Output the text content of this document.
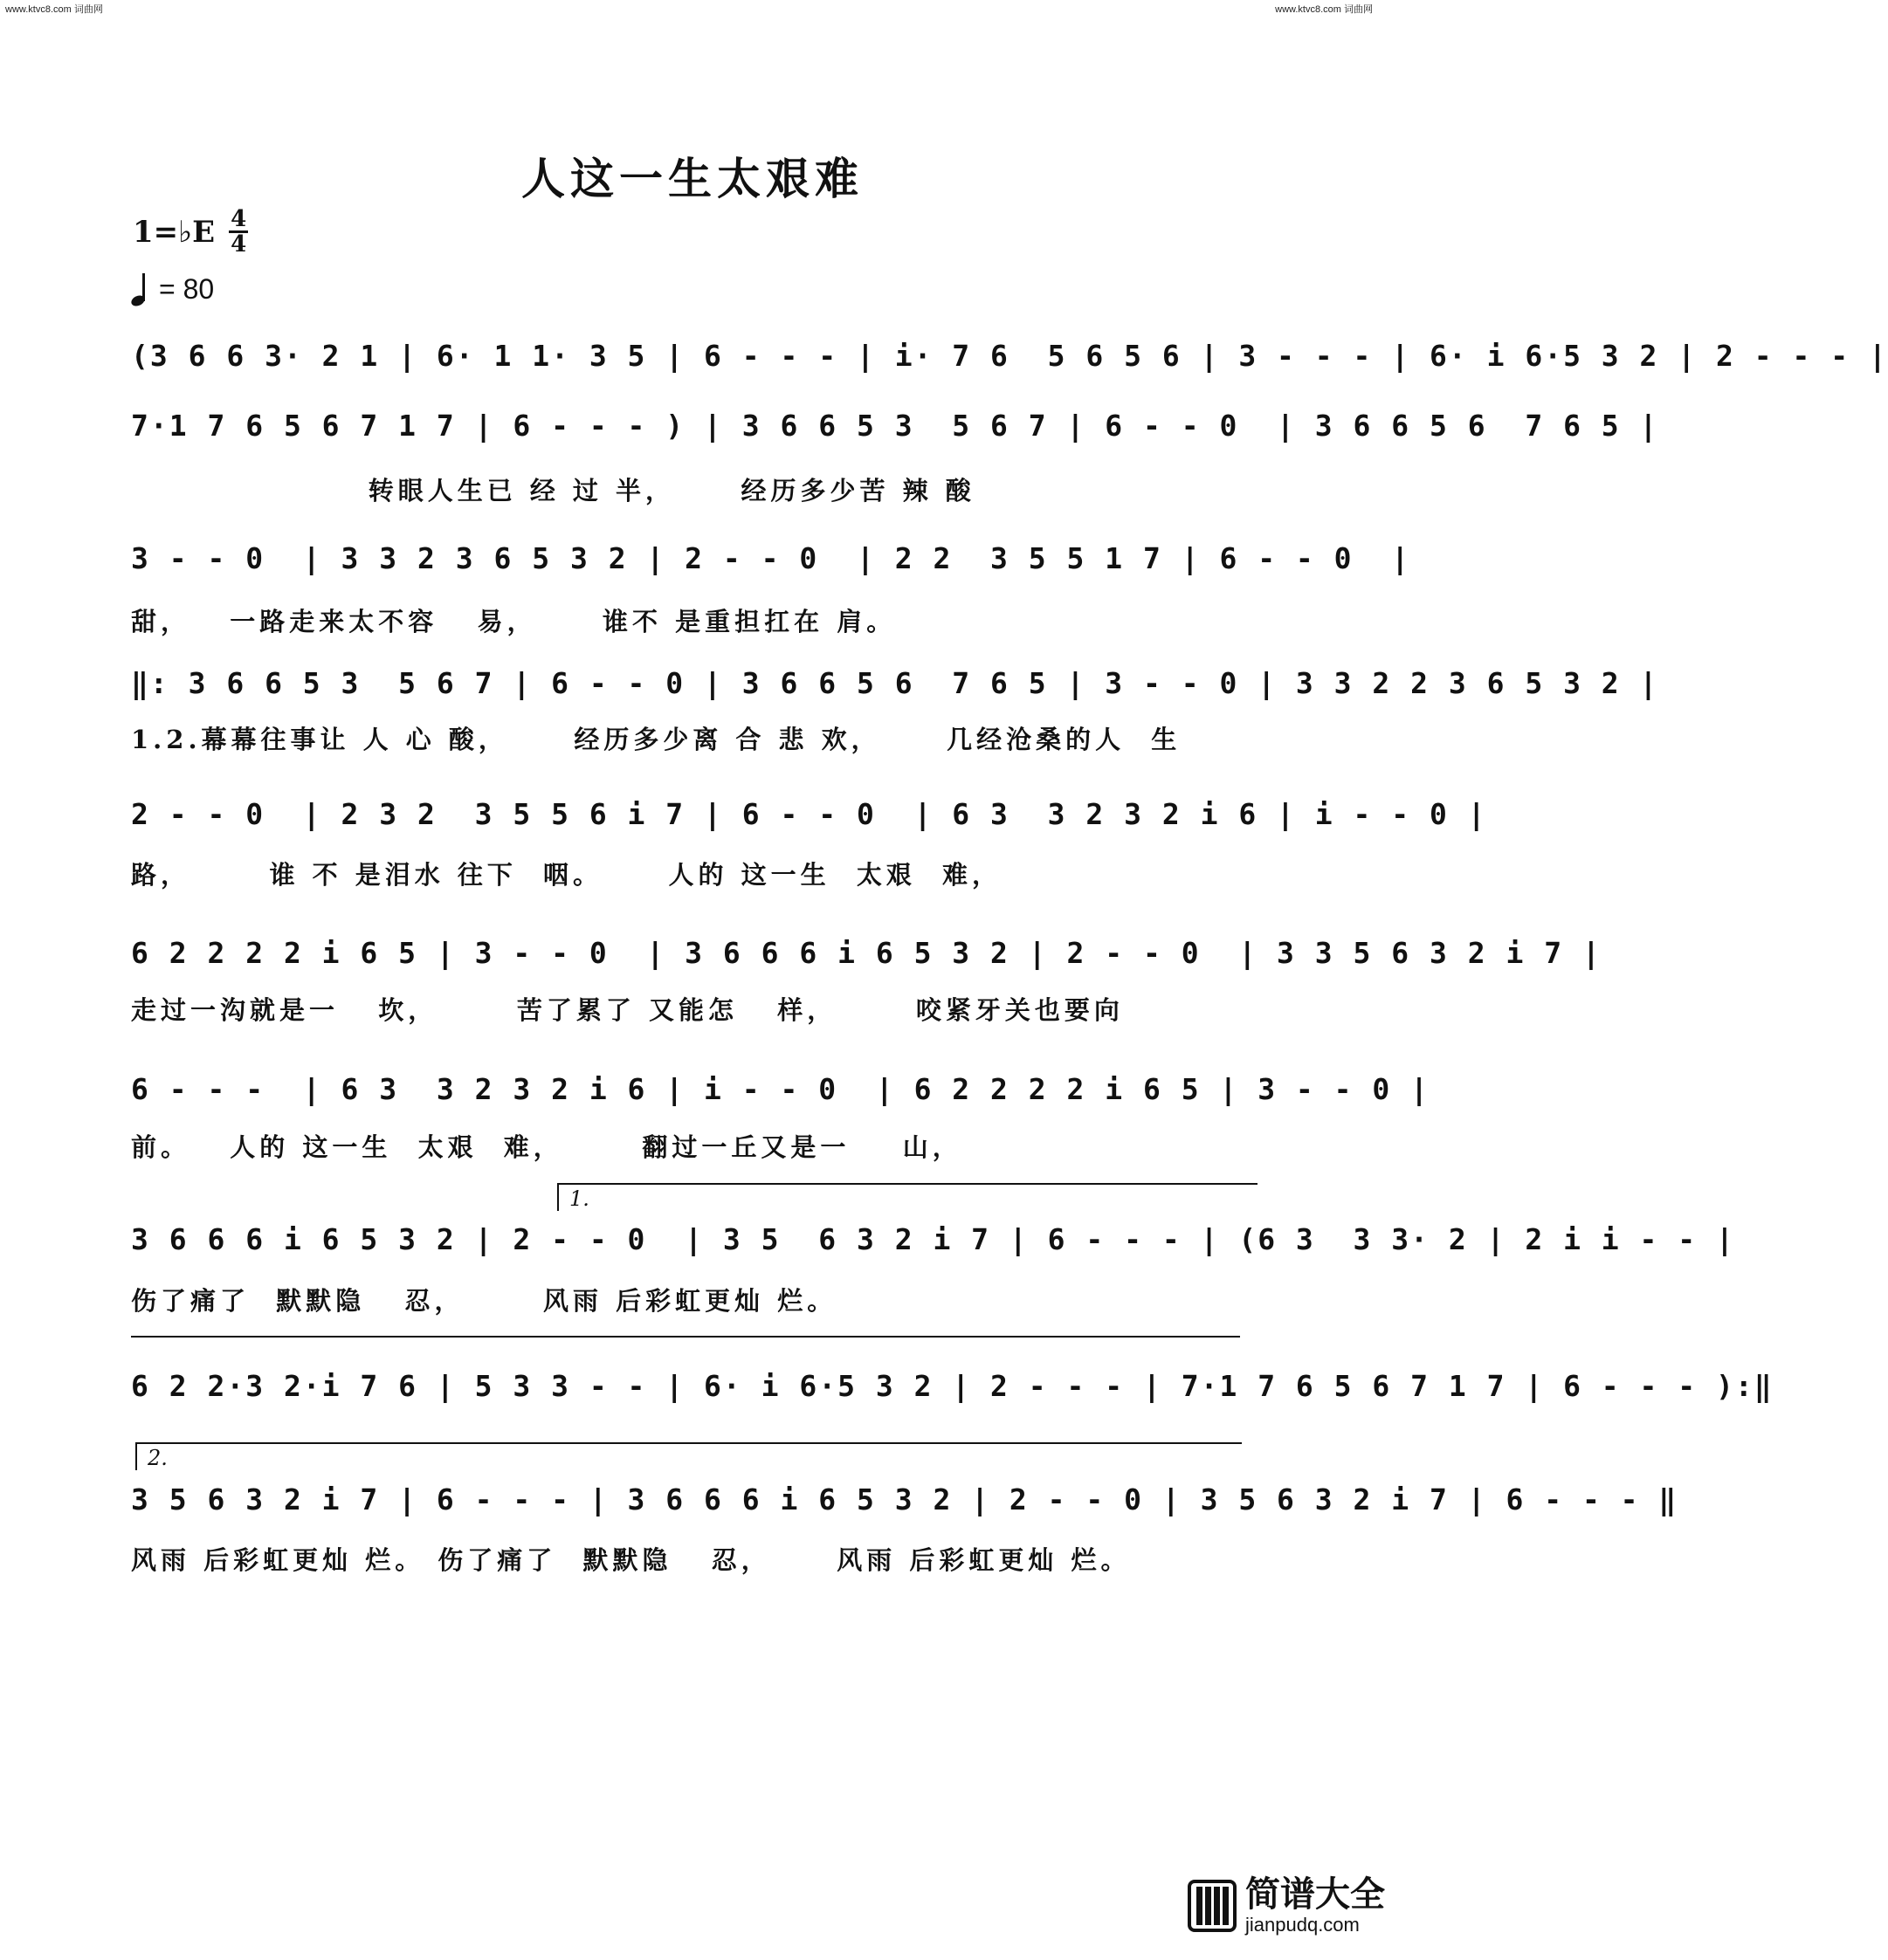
www.ktvc8.com 词曲网	www.ktvc8.com 词曲网
人这一生太艰难
1=♭E $\frac{4}{4}$
= 80
(3 6 6 3· 2 1 | 6· 1 1· 3 5 | 6 - - - | i· 7 6  5 6 5 6 | 3 - - - | 6· i 6·5 3 2 | 2 - - - |
7·1 7 6 5 6 7 1 7 | 6 - - - ) | 3 6 6 5 3  5 6 7 | 6 - - 0  | 3 6 6 5 6  7 6 5 |
转眼人生已 经 过 半，     经历多少苦 辣 酸
3 - - 0  | 3 3 2 3 6 5 3 2 | 2 - - 0  | 2 2  3 5 5 1 7 | 6 - - 0  |
甜，   一路走来太不容   易，     谁不 是重担扛在 肩。
‖: 3 6 6 5 3  5 6 7 | 6 - - 0 | 3 6 6 5 6  7 6 5 | 3 - - 0 | 3 3 2 2 3 6 5 3 2 |
1.2.幕幕往事让 人 心 酸，     经历多少离 合 悲 欢，     几经沧桑的人  生
2 - - 0  | 2 3 2  3 5 5 6 i 7 | 6 - - 0  | 6 3  3 2 3 2 i 6 | i - - 0 |
路，      谁 不 是泪水 往下  咽。     人的 这一生  太艰  难，
6 2 2 2 2 i 6 5 | 3 - - 0  | 3 6 6 6 i 6 5 3 2 | 2 - - 0  | 3 3 5 6 3 2 i 7 |
走过一沟就是一   坎，      苦了累了 又能怎   样，      咬紧牙关也要向
6 - - -  | 6 3  3 2 3 2 i 6 | i - - 0  | 6 2 2 2 2 i 6 5 | 3 - - 0 |
前。   人的 这一生  太艰  难，      翻过一丘又是一    山，
1.
3 6 6 6 i 6 5 3 2 | 2 - - 0  | 3 5  6 3 2 i 7 | 6 - - - | (6 3  3 3· 2 | 2 i i - - |
伤了痛了  默默隐   忍，      风雨 后彩虹更灿 烂。
6 2 2·3 2·i 7 6 | 5 3 3 - - | 6· i 6·5 3 2 | 2 - - - | 7·1 7 6 5 6 7 1 7 | 6 - - - ):‖
2.
3 5 6 3 2 i 7 | 6 - - - | 3 6 6 6 i 6 5 3 2 | 2 - - 0 | 3 5 6 3 2 i 7 | 6 - - - ‖
风雨 后彩虹更灿 烂。 伤了痛了  默默隐   忍，     风雨 后彩虹更灿 烂。
简谱大全
jianpudq.com
